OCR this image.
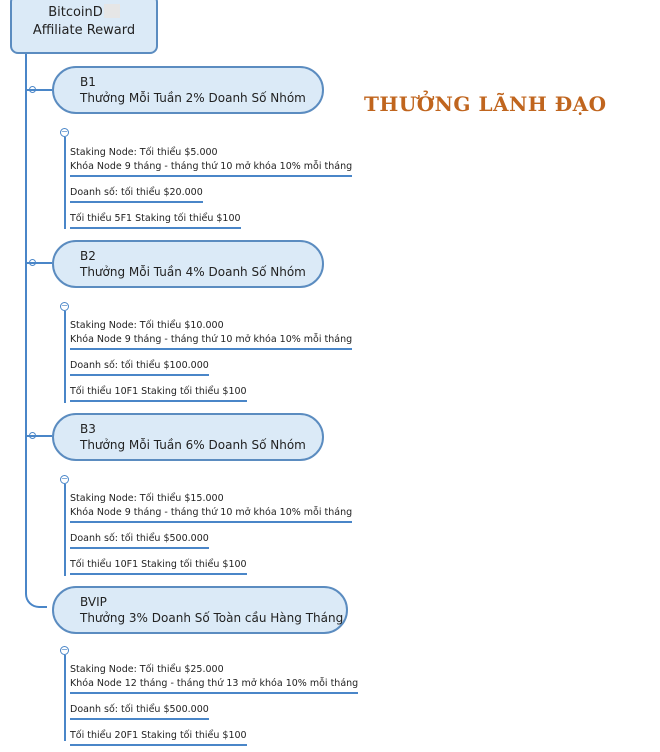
BitcoinD
Affiliate Reward
THƯỞNG LÃNH ĐẠO
B1
Thưởng Mỗi Tuần 2% Doanh Số Nhóm
−
Staking Node: Tối thiểu $5.000
Khóa Node 9 tháng - tháng thứ 10 mở khóa 10% mỗi tháng
Doanh số: tối thiểu $20.000
Tối thiểu 5F1 Staking tối thiểu $100
B2
Thưởng Mỗi Tuần 4% Doanh Số Nhóm
−
Staking Node: Tối thiểu $10.000
Khóa Node 9 tháng - tháng thứ 10 mở khóa 10% mỗi tháng
Doanh số: tối thiểu $100.000
Tối thiểu 10F1 Staking tối thiểu $100
B3
Thưởng Mỗi Tuần 6% Doanh Số Nhóm
−
Staking Node: Tối thiểu $15.000
Khóa Node 9 tháng - tháng thứ 10 mở khóa 10% mỗi tháng
Doanh số: tối thiểu $500.000
Tối thiểu 10F1 Staking tối thiểu $100
BVIP
Thưởng 3% Doanh Số Toàn cầu Hàng Tháng
−
Staking Node: Tối thiểu $25.000
Khóa Node 12 tháng - tháng thứ 13 mở khóa 10% mỗi tháng
Doanh số: tối thiểu $500.000
Tối thiểu 20F1 Staking tối thiểu $100
